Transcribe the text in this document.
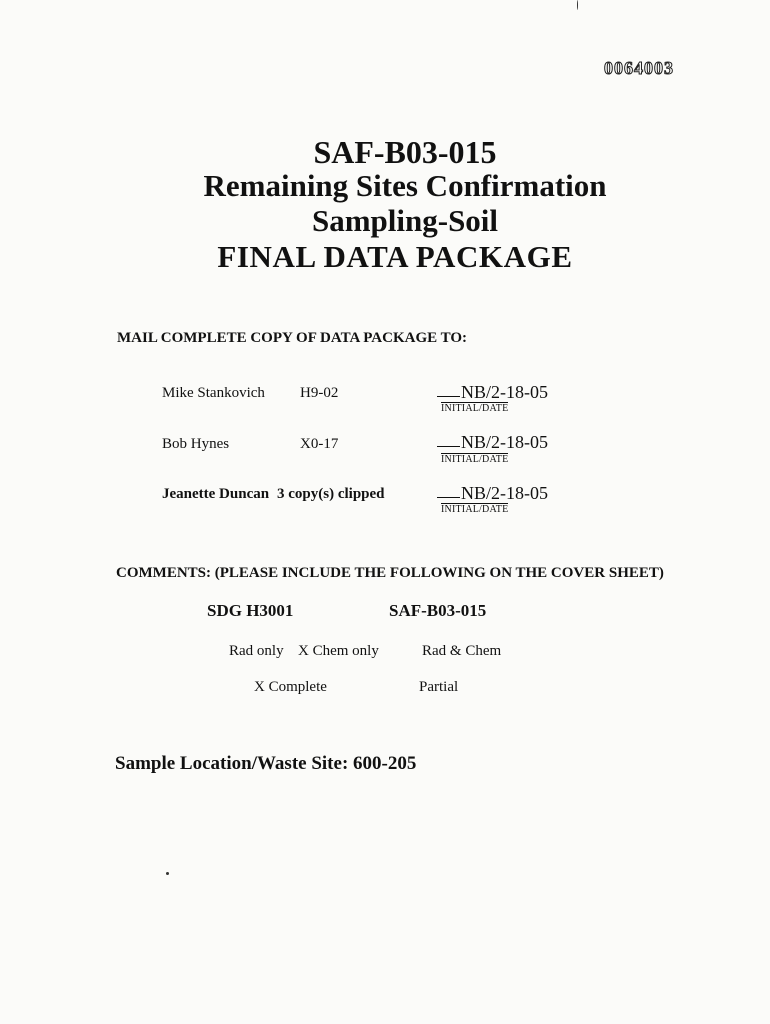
0064003
SAF-B03-015
Remaining Sites Confirmation
Sampling-Soil
FINAL DATA PACKAGE
MAIL COMPLETE COPY OF DATA PACKAGE TO:
Mike Stankovich H9-02	NB/2-18-05
INITIAL/DATE
Bob Hynes	X0-17	NB/2-18-05
INITIAL/DATE
Jeanette Duncan 3 copy(s) clipped	NB/2-18-05
INITIAL/DATE
COMMENTS: (PLEASE INCLUDE THE FOLLOWING ON THE COVER SHEET)
SDG H3001	SAF-B03-015
Rad only X Chem only	Rad & Chem
X Complete	Partial
Sample Location/Waste Site: 600-205
